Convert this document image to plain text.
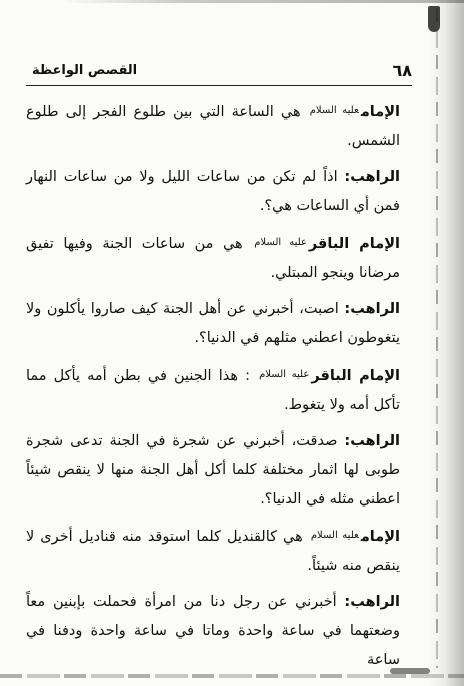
٦٨
القصص الواعظة

الإمام$^{عليه السلام}$ هي الساعة التي بين طلوع الفجر إلى طلوع الشمس.

الراهب: اذاً لم تكن من ساعات الليل ولا من ساعات النهار فمن أي الساعات هي؟.

الإمام الباقر$^{عليه السلام}$ هي من ساعات الجنة وفيها تفيق مرضانا وينجو المبتلي.

الراهب: اصبت، أخبرني عن أهل الجنة كيف صاروا يأكلون ولا يتغوطون اعطني مثلهم في الدنيا؟.

الإمام الباقر$^{عليه السلام}$ : هذا الجنين في بطن أمه يأكل مما تأكل أمه ولا يتغوط.

الراهب: صدقت، أخبرني عن شجرة في الجنة تدعى شجرة طوبى لها اثمار مختلفة كلما أكل أهل الجنة منها لا ينقص شيئاً اعطني مثله في الدنيا؟.

الإمام$^{عليه السلام}$ هي كالقنديل كلما استوقد منه قناديل أخرى لا ينقص منه شيئاً.

الراهب: أخبرني عن رجل دنا من امرأة فحملت بإبنين معاً وضعتهما في ساعة واحدة وماتا في ساعة واحدة ودفنا في ساعة
